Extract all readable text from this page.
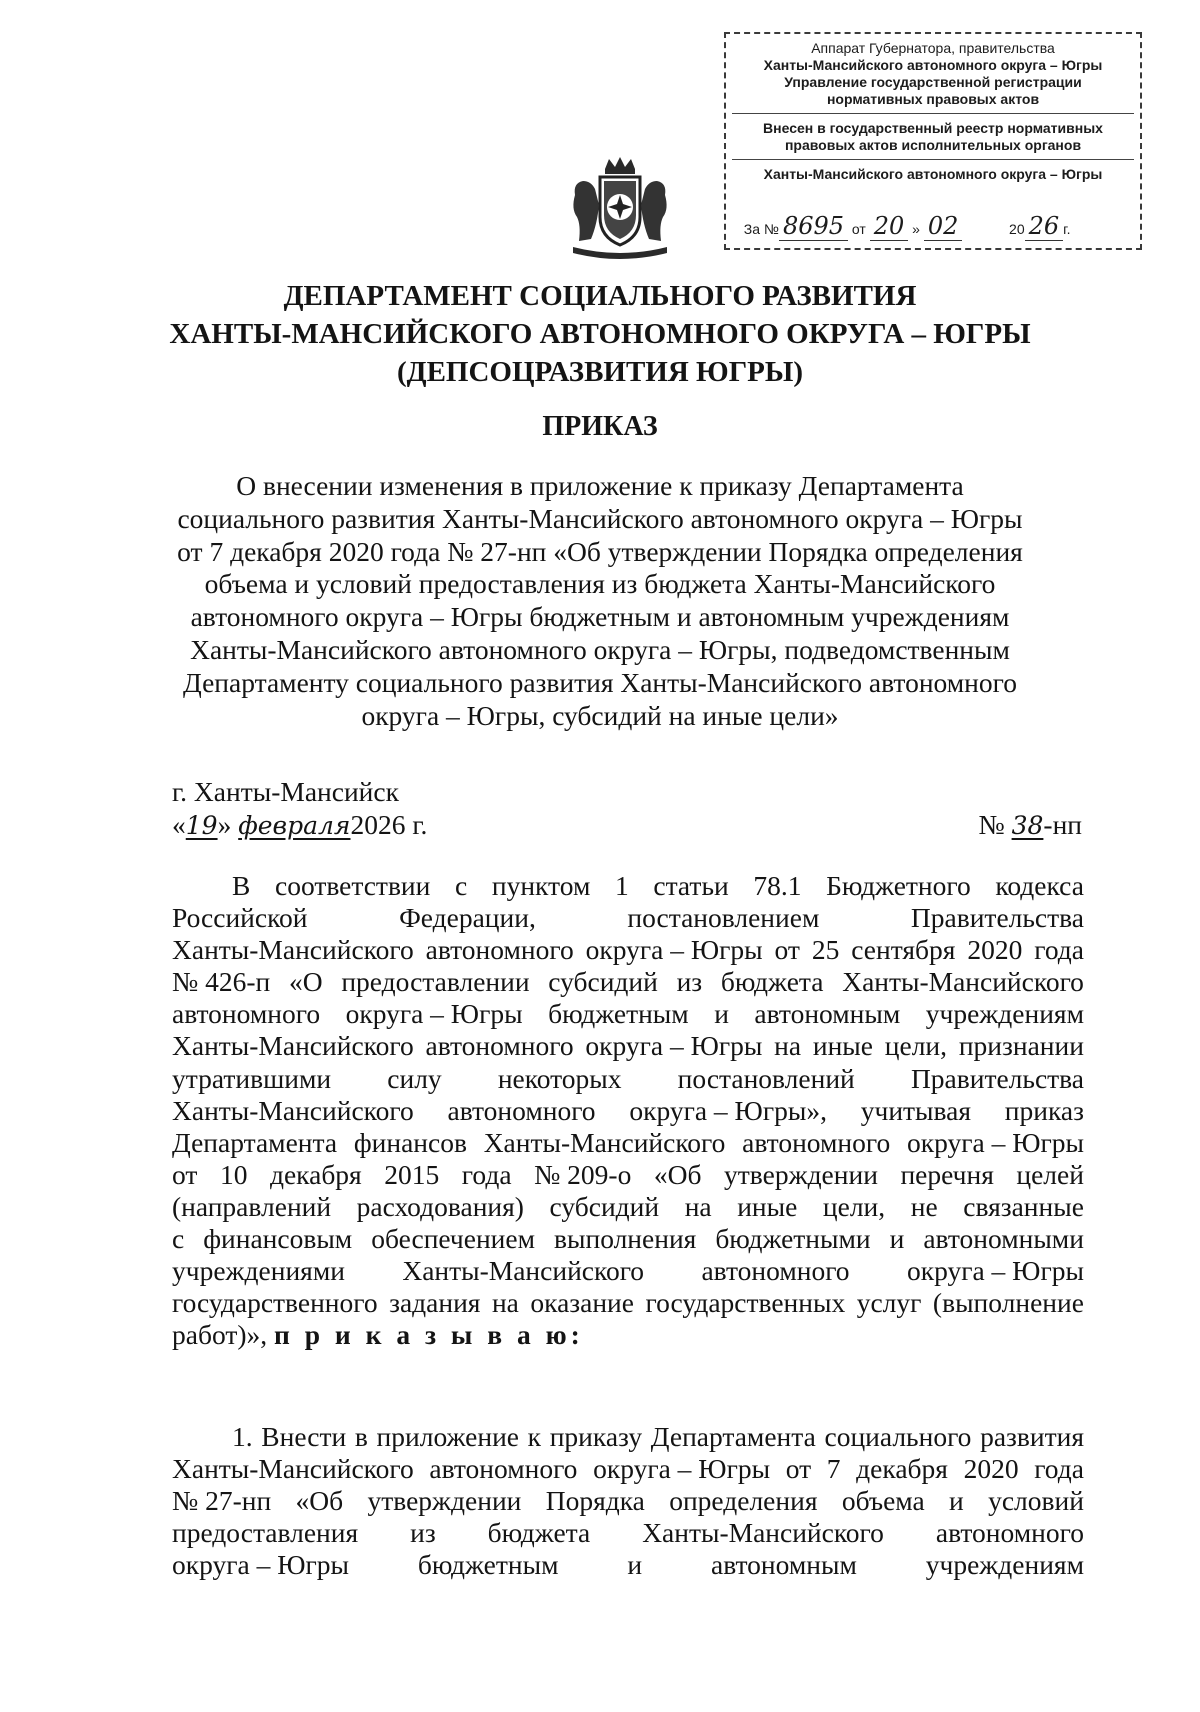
Аппарат Губернатора, правительства
Ханты-Мансийского автономного округа – Югры
Управление государственной регистрации
нормативных правовых актов
Внесен в государственный реестр нормативных
правовых актов исполнительных органов
Ханты-Мансийского автономного округа – Югры
За № 8695 от 20 » 02	20 26 г.
ДЕПАРТАМЕНТ СОЦИАЛЬНОГО РАЗВИТИЯ
ХАНТЫ-МАНСИЙСКОГО АВТОНОМНОГО ОКРУГА – ЮГРЫ
(ДЕПСОЦРАЗВИТИЯ ЮГРЫ)
ПРИКАЗ
О внесении изменения в приложение к приказу Департамента
социального развития Ханты-Мансийского автономного округа – Югры
от 7 декабря 2020 года № 27-нп «Об утверждении Порядка определения
объема и условий предоставления из бюджета Ханты-Мансийского
автономного округа – Югры бюджетным и автономным учреждениям
Ханты-Мансийского автономного округа – Югры, подведомственным
Департаменту социального развития Ханты-Мансийского автономного
округа – Югры, субсидий на иные цели»
г. Ханты-Мансийск
«19» февраля2026 г.	№ 38-нп
В соответствии с пунктом 1 статьи 78.1 Бюджетного кодекса
Российской	Федерации,	постановлением	Правительства
Ханты-Мансийского автономного округа – Югры от 25 сентября 2020 года
№ 426-п «О предоставлении субсидий из бюджета Ханты-Мансийского
автономного округа – Югры бюджетным и автономным учреждениям
Ханты-Мансийского автономного округа – Югры на иные цели, признании
утратившими силу некоторых постановлений Правительства
Ханты-Мансийского автономного округа – Югры», учитывая приказ
Департамента финансов Ханты-Мансийского автономного округа – Югры
от 10 декабря 2015 года № 209-о «Об утверждении перечня целей
(направлений расходования) субсидий на иные цели, не связанные
с финансовым обеспечением выполнения бюджетными и автономными
учреждениями Ханты-Мансийского автономного округа – Югры
государственного задания на оказание государственных услуг (выполнение
работ)», п р и к а з ы в а ю:
1. Внести в приложение к приказу Департамента социального развития
Ханты-Мансийского автономного округа – Югры от 7 декабря 2020 года
№ 27-нп «Об утверждении Порядка определения объема и условий
предоставления из бюджета Ханты-Мансийского автономного
округа – Югры	бюджетным	и	автономным	учреждениям
